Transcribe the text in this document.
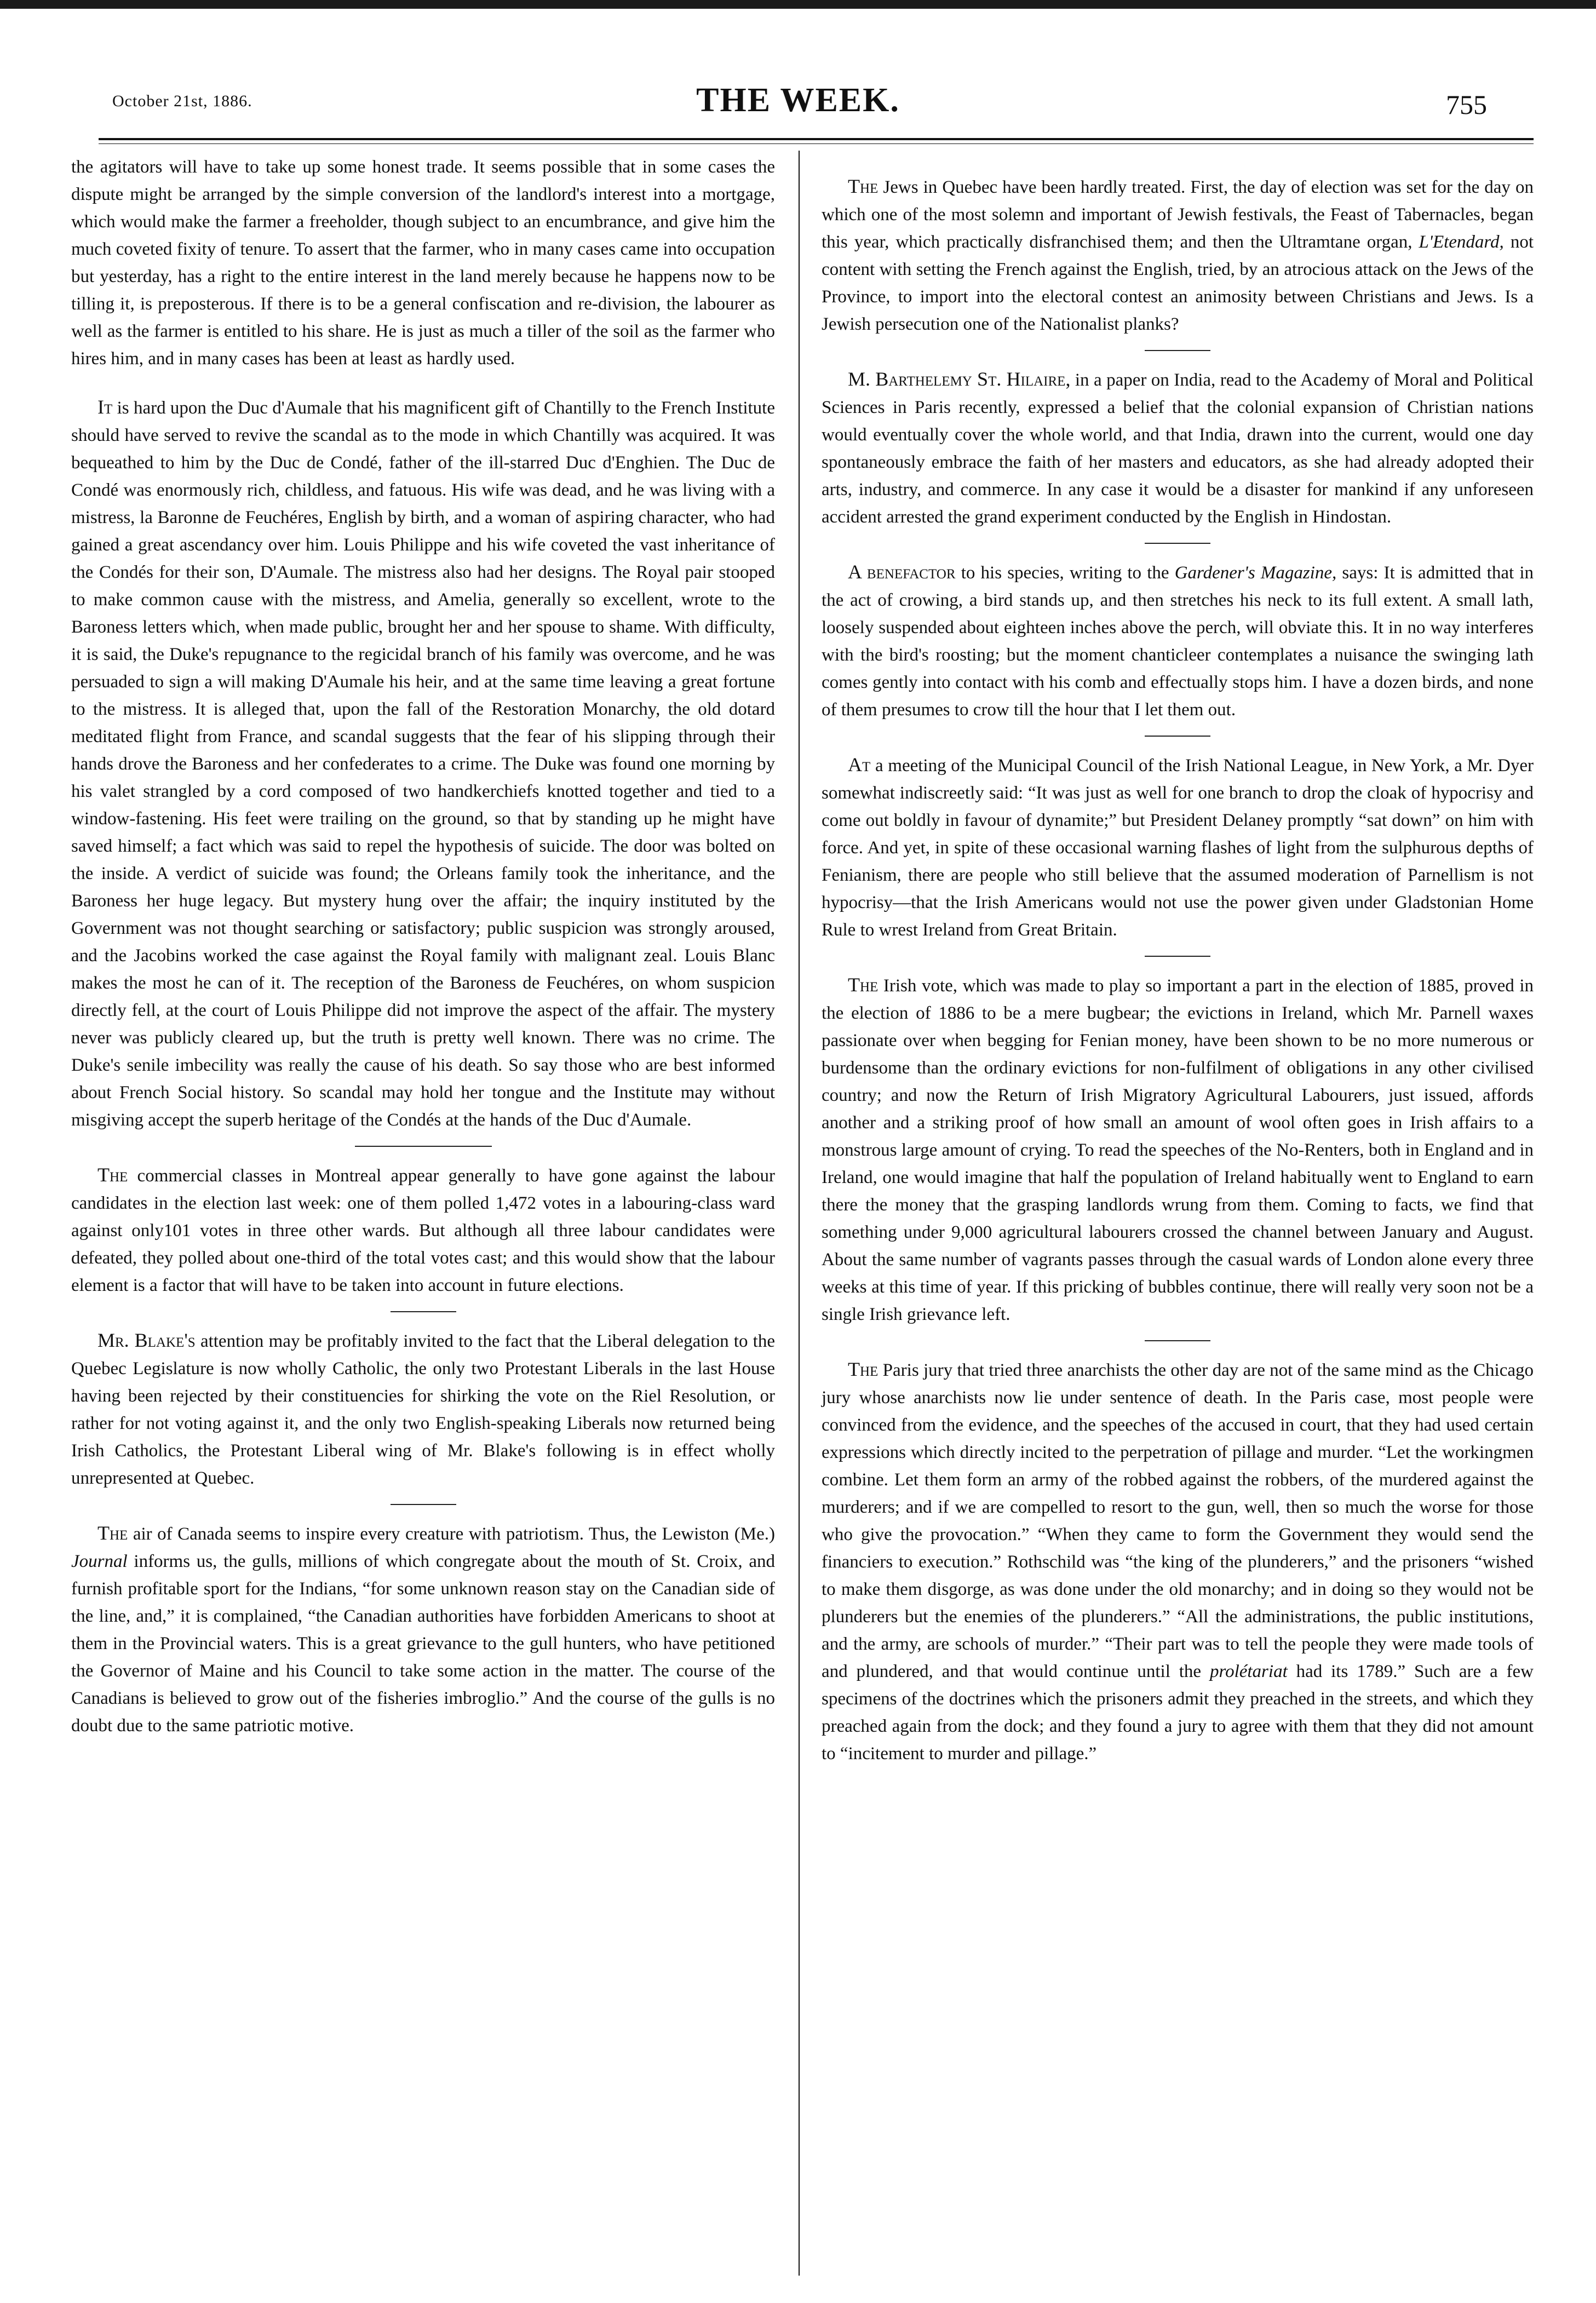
October 21st, 1886.	THE WEEK.	755

the agitators will have to take up some honest trade. It seems possible that in some cases the dispute might be arranged by the simple conversion of the landlord's interest into a mortgage, which would make the farmer a freeholder, though subject to an encumbrance, and give him the much coveted fixity of tenure. To assert that the farmer, who in many cases came into occupation but yesterday, has a right to the entire interest in the land merely because he happens now to be tilling it, is preposterous. If there is to be a general confiscation and re-division, the labourer as well as the farmer is entitled to his share. He is just as much a tiller of the soil as the farmer who hires him, and in many cases has been at least as hardly used.

It is hard upon the Duc d'Aumale that his magnificent gift of Chantilly to the French Institute should have served to revive the scandal as to the mode in which Chantilly was acquired. It was bequeathed to him by the Duc de Condé, father of the ill-starred Duc d'Enghien. The Duc de Condé was enormously rich, childless, and fatuous. His wife was dead, and he was living with a mistress, la Baronne de Feuchéres, English by birth, and a woman of aspiring character, who had gained a great ascendancy over him. Louis Philippe and his wife coveted the vast inheritance of the Condés for their son, D'Aumale. The mistress also had her designs. The Royal pair stooped to make common cause with the mistress, and Amelia, generally so excellent, wrote to the Baroness letters which, when made public, brought her and her spouse to shame. With difficulty, it is said, the Duke's repugnance to the regicidal branch of his family was overcome, and he was persuaded to sign a will making D'Aumale his heir, and at the same time leaving a great fortune to the mistress. It is alleged that, upon the fall of the Restoration Monarchy, the old dotard meditated flight from France, and scandal suggests that the fear of his slipping through their hands drove the Baroness and her confederates to a crime. The Duke was found one morning by his valet strangled by a cord composed of two handkerchiefs knotted together and tied to a window-fastening. His feet were trailing on the ground, so that by standing up he might have saved himself; a fact which was said to repel the hypothesis of suicide. The door was bolted on the inside. A verdict of suicide was found; the Orleans family took the inheritance, and the Baroness her huge legacy. But mystery hung over the affair; the inquiry instituted by the Government was not thought searching or satisfactory; public suspicion was strongly aroused, and the Jacobins worked the case against the Royal family with malignant zeal. Louis Blanc makes the most he can of it. The reception of the Baroness de Feuchéres, on whom suspicion directly fell, at the court of Louis Philippe did not improve the aspect of the affair. The mystery never was publicly cleared up, but the truth is pretty well known. There was no crime. The Duke's senile imbecility was really the cause of his death. So say those who are best informed about French Social history. So scandal may hold her tongue and the Institute may without misgiving accept the superb heritage of the Condés at the hands of the Duc d'Aumale.

The commercial classes in Montreal appear generally to have gone against the labour candidates in the election last week: one of them polled 1,472 votes in a labouring-class ward against only101 votes in three other wards. But although all three labour candidates were defeated, they polled about one-third of the total votes cast; and this would show that the labour element is a factor that will have to be taken into account in future elections.

Mr. Blake's attention may be profitably invited to the fact that the Liberal delegation to the Quebec Legislature is now wholly Catholic, the only two Protestant Liberals in the last House having been rejected by their constituencies for shirking the vote on the Riel Resolution, or rather for not voting against it, and the only two English-speaking Liberals now returned being Irish Catholics, the Protestant Liberal wing of Mr. Blake's following is in effect wholly unrepresented at Quebec.

The air of Canada seems to inspire every creature with patriotism. Thus, the Lewiston (Me.) Journal informs us, the gulls, millions of which congregate about the mouth of St. Croix, and furnish profitable sport for the Indians, “for some unknown reason stay on the Canadian side of the line, and,” it is complained, “the Canadian authorities have forbidden Americans to shoot at them in the Provincial waters. This is a great grievance to the gull hunters, who have petitioned the Governor of Maine and his Council to take some action in the matter. The course of the Canadians is believed to grow out of the fisheries imbroglio.” And the course of the gulls is no doubt due to the same patriotic motive.

The Jews in Quebec have been hardly treated. First, the day of election was set for the day on which one of the most solemn and important of Jewish festivals, the Feast of Tabernacles, began this year, which practically disfranchised them; and then the Ultramtane organ, L'Etendard, not content with setting the French against the English, tried, by an atrocious attack on the Jews of the Province, to import into the electoral contest an animosity between Christians and Jews. Is a Jewish persecution one of the Nationalist planks?

M. Barthelemy St. Hilaire, in a paper on India, read to the Academy of Moral and Political Sciences in Paris recently, expressed a belief that the colonial expansion of Christian nations would eventually cover the whole world, and that India, drawn into the current, would one day spontaneously embrace the faith of her masters and educators, as she had already adopted their arts, industry, and commerce. In any case it would be a disaster for mankind if any unforeseen accident arrested the grand experiment conducted by the English in Hindostan.

A benefactor to his species, writing to the Gardener's Magazine, says: It is admitted that in the act of crowing, a bird stands up, and then stretches his neck to its full extent. A small lath, loosely suspended about eighteen inches above the perch, will obviate this. It in no way interferes with the bird's roosting; but the moment chanticleer contemplates a nuisance the swinging lath comes gently into contact with his comb and effectually stops him. I have a dozen birds, and none of them presumes to crow till the hour that I let them out.

At a meeting of the Municipal Council of the Irish National League, in New York, a Mr. Dyer somewhat indiscreetly said: “It was just as well for one branch to drop the cloak of hypocrisy and come out boldly in favour of dynamite;” but President Delaney promptly “sat down” on him with force. And yet, in spite of these occasional warning flashes of light from the sulphurous depths of Fenianism, there are people who still believe that the assumed moderation of Parnellism is not hypocrisy—that the Irish Americans would not use the power given under Gladstonian Home Rule to wrest Ireland from Great Britain.

The Irish vote, which was made to play so important a part in the election of 1885, proved in the election of 1886 to be a mere bugbear; the evictions in Ireland, which Mr. Parnell waxes passionate over when begging for Fenian money, have been shown to be no more numerous or burdensome than the ordinary evictions for non-fulfilment of obligations in any other civilised country; and now the Return of Irish Migratory Agricultural Labourers, just issued, affords another and a striking proof of how small an amount of wool often goes in Irish affairs to a monstrous large amount of crying. To read the speeches of the No-Renters, both in England and in Ireland, one would imagine that half the population of Ireland habitually went to England to earn there the money that the grasping landlords wrung from them. Coming to facts, we find that something under 9,000 agricultural labourers crossed the channel between January and August. About the same number of vagrants passes through the casual wards of London alone every three weeks at this time of year. If this pricking of bubbles continue, there will really very soon not be a single Irish grievance left.

The Paris jury that tried three anarchists the other day are not of the same mind as the Chicago jury whose anarchists now lie under sentence of death. In the Paris case, most people were convinced from the evidence, and the speeches of the accused in court, that they had used certain expressions which directly incited to the perpetration of pillage and murder. “Let the workingmen combine. Let them form an army of the robbed against the robbers, of the murdered against the murderers; and if we are compelled to resort to the gun, well, then so much the worse for those who give the provocation.” “When they came to form the Government they would send the financiers to execution.” Rothschild was “the king of the plunderers,” and the prisoners “wished to make them disgorge, as was done under the old monarchy; and in doing so they would not be plunderers but the enemies of the plunderers.” “All the administrations, the public institutions, and the army, are schools of murder.” “Their part was to tell the people they were made tools of and plundered, and that would continue until the prolétariat had its 1789.” Such are a few specimens of the doctrines which the prisoners admit they preached in the streets, and which they preached again from the dock; and they found a jury to agree with them that they did not amount to “incitement to murder and pillage.”
